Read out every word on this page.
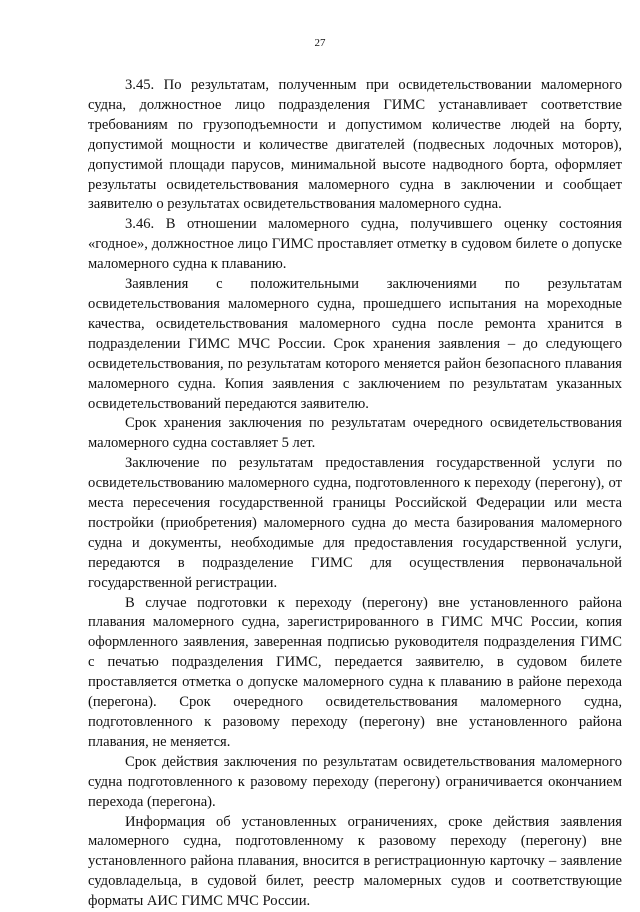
27

3.45. По результатам, полученным при освидетельствовании маломерного судна, должностное лицо подразделения ГИМС устанавливает соответствие требованиям по грузоподъемности и допустимом количестве людей на борту, допустимой мощности и количестве двигателей (подвесных лодочных моторов), допустимой площади парусов, минимальной высоте надводного борта, оформляет результаты освидетельствования маломерного судна в заключении и сообщает заявителю о результатах освидетельствования маломерного судна.

3.46. В отношении маломерного судна, получившего оценку состояния «годное», должностное лицо ГИМС проставляет отметку в судовом билете о допуске маломерного судна к плаванию.

Заявления с положительными заключениями по результатам освидетельствования маломерного судна, прошедшего испытания на мореходные качества, освидетельствования маломерного судна после ремонта хранится в подразделении ГИМС МЧС России. Срок хранения заявления – до следующего освидетельствования, по результатам которого меняется район безопасного плавания маломерного судна. Копия заявления с заключением по результатам указанных освидетельствований передаются заявителю.

Срок хранения заключения по результатам очередного освидетельствования маломерного судна составляет 5 лет.

Заключение по результатам предоставления государственной услуги по освидетельствованию маломерного судна, подготовленного к переходу (перегону), от места пересечения государственной границы Российской Федерации или места постройки (приобретения) маломерного судна до места базирования маломерного судна и документы, необходимые для предоставления государственной услуги, передаются в подразделение ГИМС для осуществления первоначальной государственной регистрации.

В случае подготовки к переходу (перегону) вне установленного района плавания маломерного судна, зарегистрированного в ГИМС МЧС России, копия оформленного заявления, заверенная подписью руководителя подразделения ГИМС с печатью подразделения ГИМС, передается заявителю, в судовом билете проставляется отметка о допуске маломерного судна к плаванию в районе перехода (перегона). Срок очередного освидетельствования маломерного судна, подготовленного к разовому переходу (перегону) вне установленного района плавания, не меняется.

Срок действия заключения по результатам освидетельствования маломерного судна подготовленного к разовому переходу (перегону) ограничивается окончанием перехода (перегона).

Информация об установленных ограничениях, сроке действия заявления маломерного судна, подготовленному к разовому переходу (перегону) вне установленного района плавания, вносится в регистрационную карточку – заявление судовладельца, в судовой билет, реестр маломерных судов и соответствующие форматы АИС ГИМС МЧС России.
